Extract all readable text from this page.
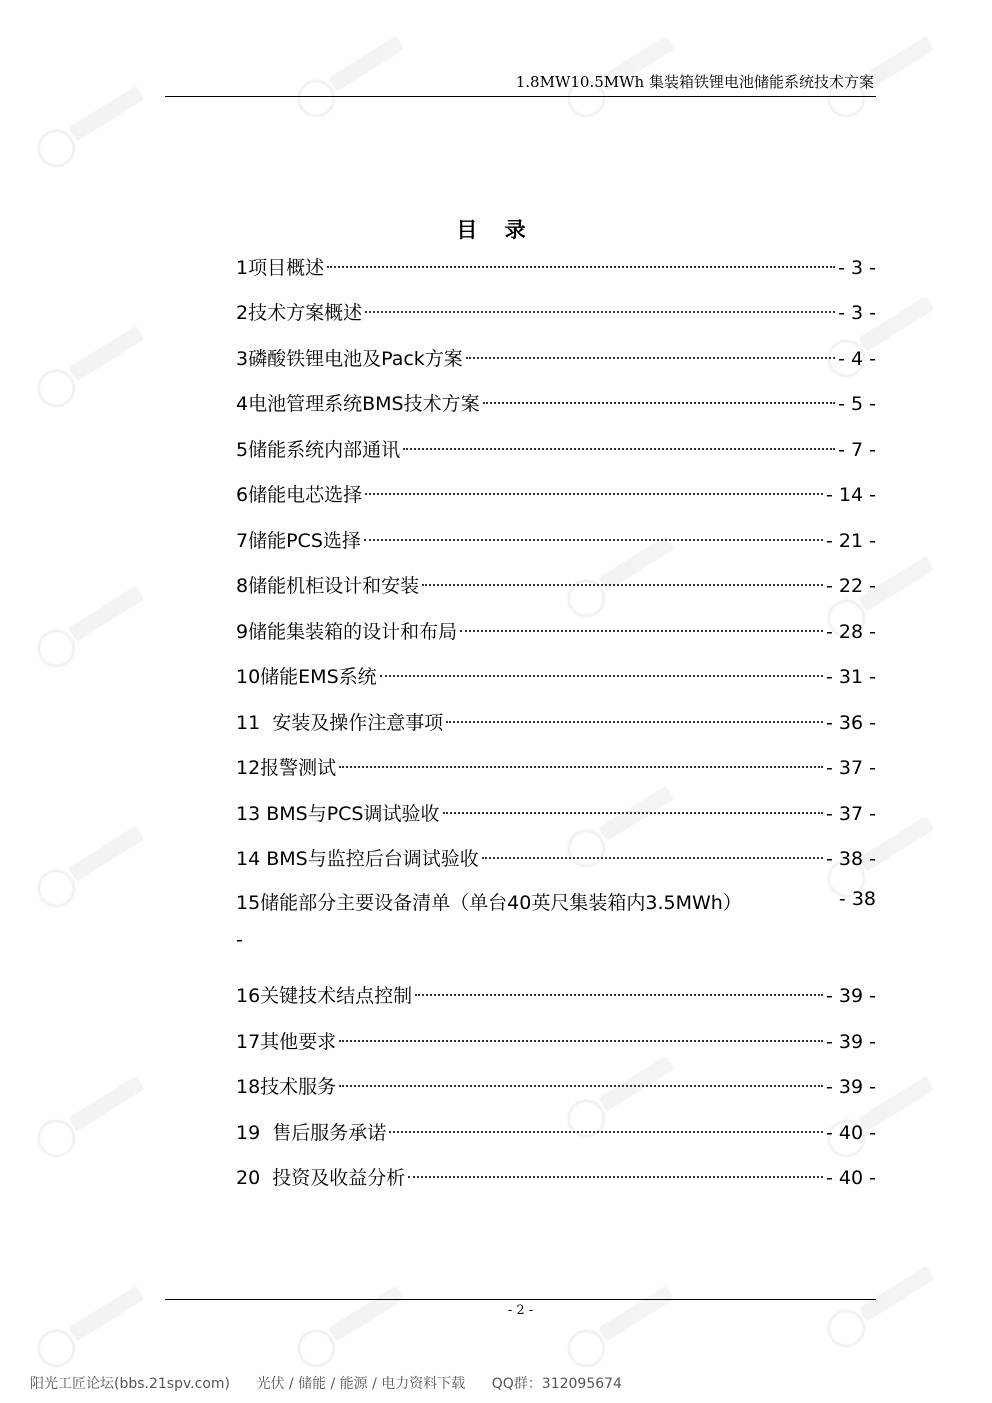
1.8MW10.5MWh 集装箱铁锂电池储能系统技术方案
目 录
1项目概述	- 3 -
2技术方案概述	- 3 -
3磷酸铁锂电池及Pack方案	- 4 -
4电池管理系统BMS技术方案	- 5 -
5储能系统内部通讯	- 7 -
6储能电芯选择	- 14 -
7储能PCS选择	- 21 -
8储能机柜设计和安装	- 22 -
9储能集装箱的设计和布局	- 28 -
10储能EMS系统	- 31 -
11  安装及操作注意事项	- 36 -
12报警测试	- 37 -
13 BMS与PCS调试验收	- 37 -
14 BMS与监控后台调试验收	- 38 -
15储能部分主要设备清单（单台40英尺集装箱内3.5MWh）	- 38
-
16关键技术结点控制	- 39 -
17其他要求	- 39 -
18技术服务	- 39 -
19  售后服务承诺	- 40 -
20  投资及收益分析	- 40 -
- 2 -
阳光工匠论坛(bbs.21spv.com) 光伏 / 储能 / 能源 / 电力资料下载 QQ群：312095674
